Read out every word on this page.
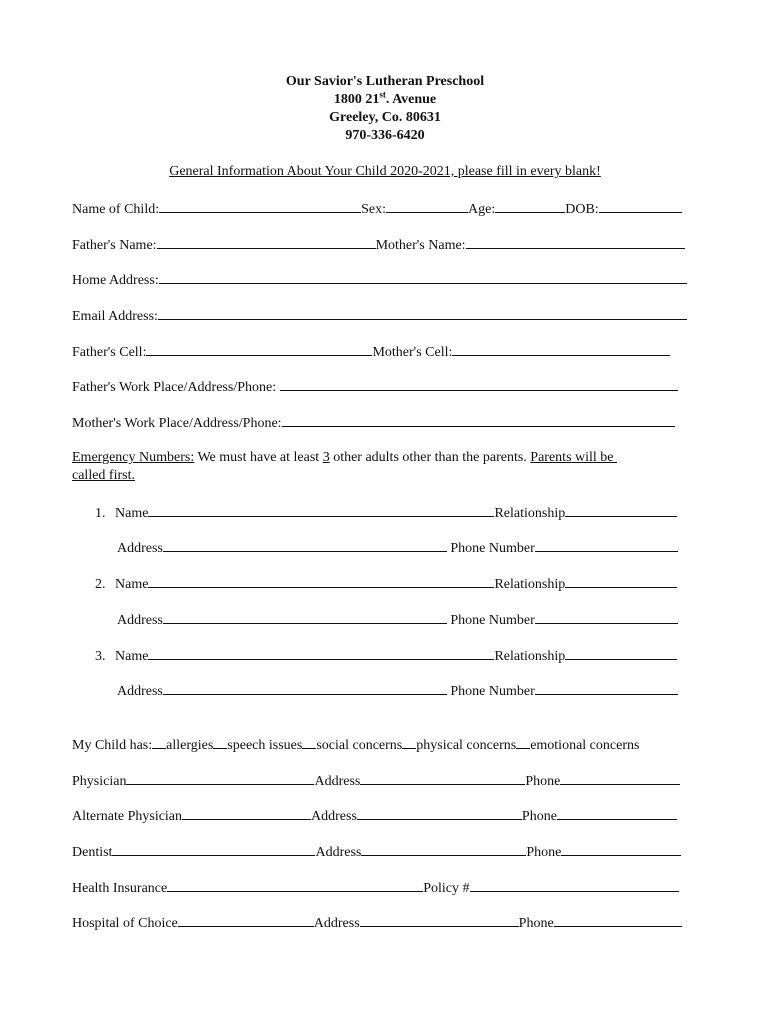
Our Savior's Lutheran Preschool
1800 21st. Avenue
Greeley, Co. 80631
970-336-6420
General Information About Your Child 2020-2021, please fill in every blank!
Name of Child:	Sex:	Age:	DOB:
Father's Name:	Mother's Name:
Home Address:
Email Address:
Father's Cell:	Mother's Cell:
Father's Work Place/Address/Phone:
Mother's Work Place/Address/Phone:
Emergency Numbers: We must have at least 3 other adults other than the parents. Parents will be
called first.
1. Name	Relationship
Address	Phone Number
2. Name	Relationship
Address	Phone Number
3. Name	Relationship
Address	Phone Number
My Child has: allergies speech issues social concerns physical concerns emotional concerns
Physician	Address	Phone
Alternate Physician	Address	Phone
Dentist	Address	Phone
Health Insurance	Policy #
Hospital of Choice	Address	Phone
